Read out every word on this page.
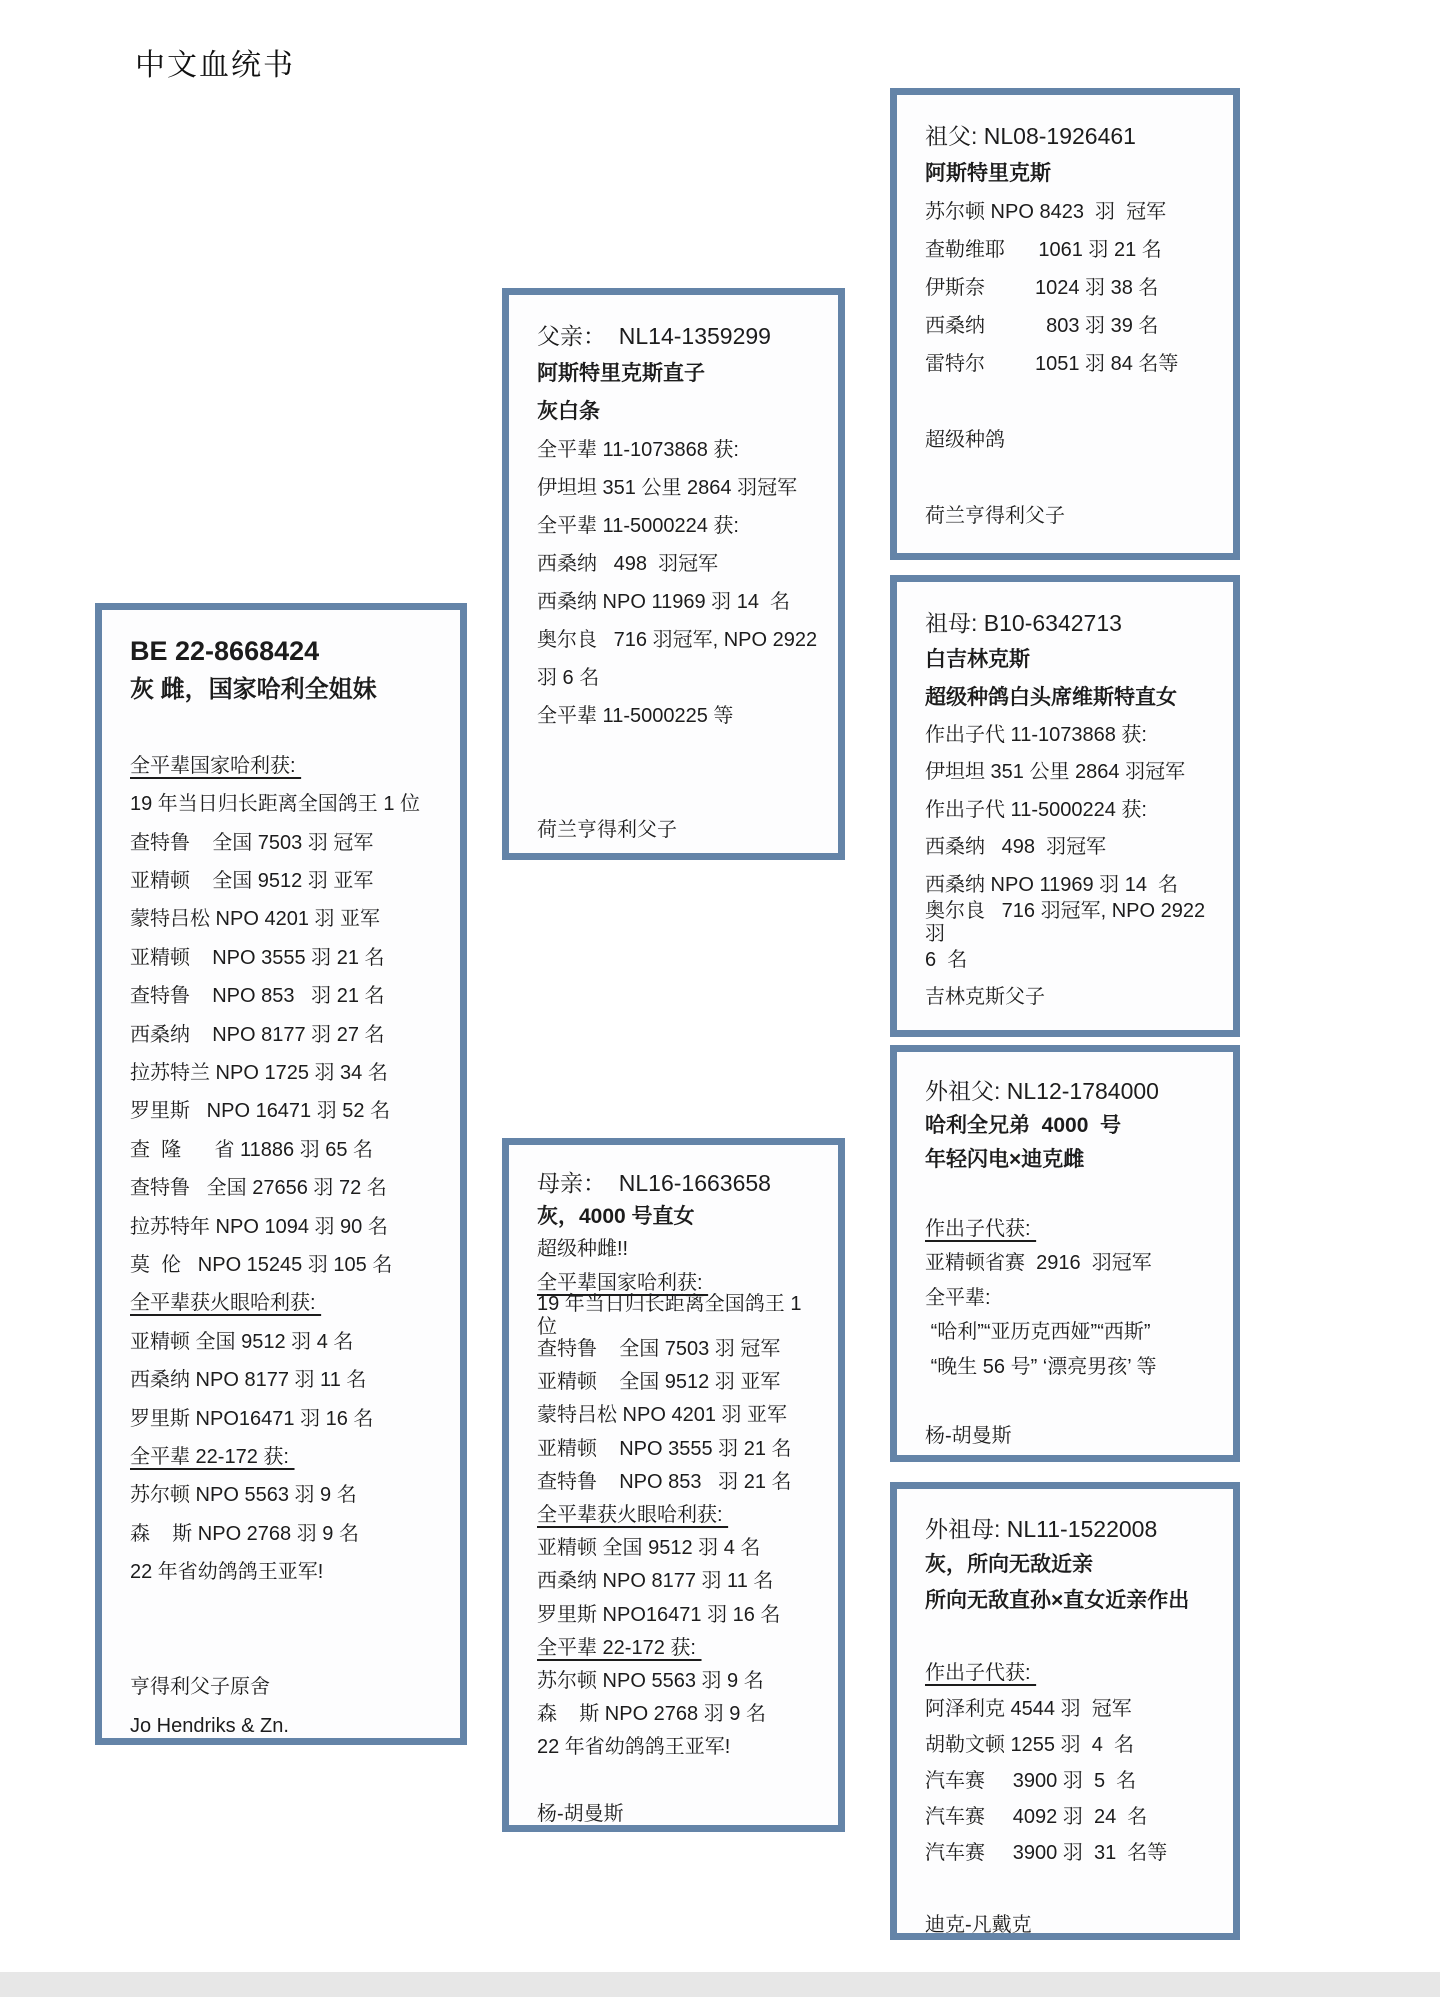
中文血统书
BE 22-8668424
灰 雌，国家哈利全姐妹
全平辈国家哈利获:
19 年当日归长距离全国鸽王 1 位
查特鲁    全国 7503 羽 冠军
亚精顿    全国 9512 羽 亚军
蒙特吕松 NPO 4201 羽 亚军
亚精顿    NPO 3555 羽 21 名
查特鲁    NPO 853   羽 21 名
西桑纳    NPO 8177 羽 27 名
拉苏特兰 NPO 1725 羽 34 名
罗里斯   NPO 16471 羽 52 名
查  隆      省 11886 羽 65 名
查特鲁   全国 27656 羽 72 名
拉苏特年 NPO 1094 羽 90 名
莫  伦   NPO 15245 羽 105 名
全平辈获火眼哈利获:
亚精顿 全国 9512 羽 4 名
西桑纳 NPO 8177 羽 11 名
罗里斯 NPO16471 羽 16 名
全平辈 22-172 获:
苏尔顿 NPO 5563 羽 9 名
森    斯 NPO 2768 羽 9 名
22 年省幼鸽鸽王亚军!
亨得利父子原舍
Jo Hendriks & Zn.
父亲：  NL14-1359299
阿斯特里克斯直子
灰白条
全平辈 11-1073868 获:
伊坦坦 351 公里 2864 羽冠军
全平辈 11-5000224 获:
西桑纳   498  羽冠军
西桑纳 NPO 11969 羽 14  名
奥尔良   716 羽冠军, NPO 2922
羽 6 名
全平辈 11-5000225 等
荷兰亨得利父子
母亲：  NL16-1663658
灰，4000 号直女
超级种雌!!
全平辈国家哈利获:
19 年当日归长距离全国鸽王 1 位
查特鲁    全国 7503 羽 冠军
亚精顿    全国 9512 羽 亚军
蒙特吕松 NPO 4201 羽 亚军
亚精顿    NPO 3555 羽 21 名
查特鲁    NPO 853   羽 21 名
全平辈获火眼哈利获:
亚精顿 全国 9512 羽 4 名
西桑纳 NPO 8177 羽 11 名
罗里斯 NPO16471 羽 16 名
全平辈 22-172 获:
苏尔顿 NPO 5563 羽 9 名
森    斯 NPO 2768 羽 9 名
22 年省幼鸽鸽王亚军!
杨-胡曼斯
祖父: NL08-1926461
阿斯特里克斯
苏尔顿 NPO 8423  羽  冠军
查勒维耶      1061 羽 21 名
伊斯奈         1024 羽 38 名
西桑纳           803 羽 39 名
雷特尔         1051 羽 84 名等
超级种鸽
荷兰亨得利父子
祖母: B10-6342713
白吉林克斯
超级种鸽白头席维斯特直女
作出子代 11-1073868 获:
伊坦坦 351 公里 2864 羽冠军
作出子代 11-5000224 获:
西桑纳   498  羽冠军
西桑纳 NPO 11969 羽 14  名
奥尔良   716 羽冠军, NPO 2922  羽
6  名
吉林克斯父子
外祖父: NL12-1784000
哈利全兄弟  4000  号
年轻闪电×迪克雌
作出子代获:
亚精顿省赛  2916  羽冠军
全平辈:
“哈利”“亚历克西娅”“西斯”
“晚生 56 号” ‘漂亮男孩’ 等
杨-胡曼斯
外祖母: NL11-1522008
灰，所向无敌近亲
所向无敌直孙×直女近亲作出
作出子代获:
阿泽利克 4544 羽  冠军
胡勒文顿 1255 羽  4  名
汽车赛     3900 羽  5  名
汽车赛     4092 羽  24  名
汽车赛     3900 羽  31  名等
迪克-凡戴克
